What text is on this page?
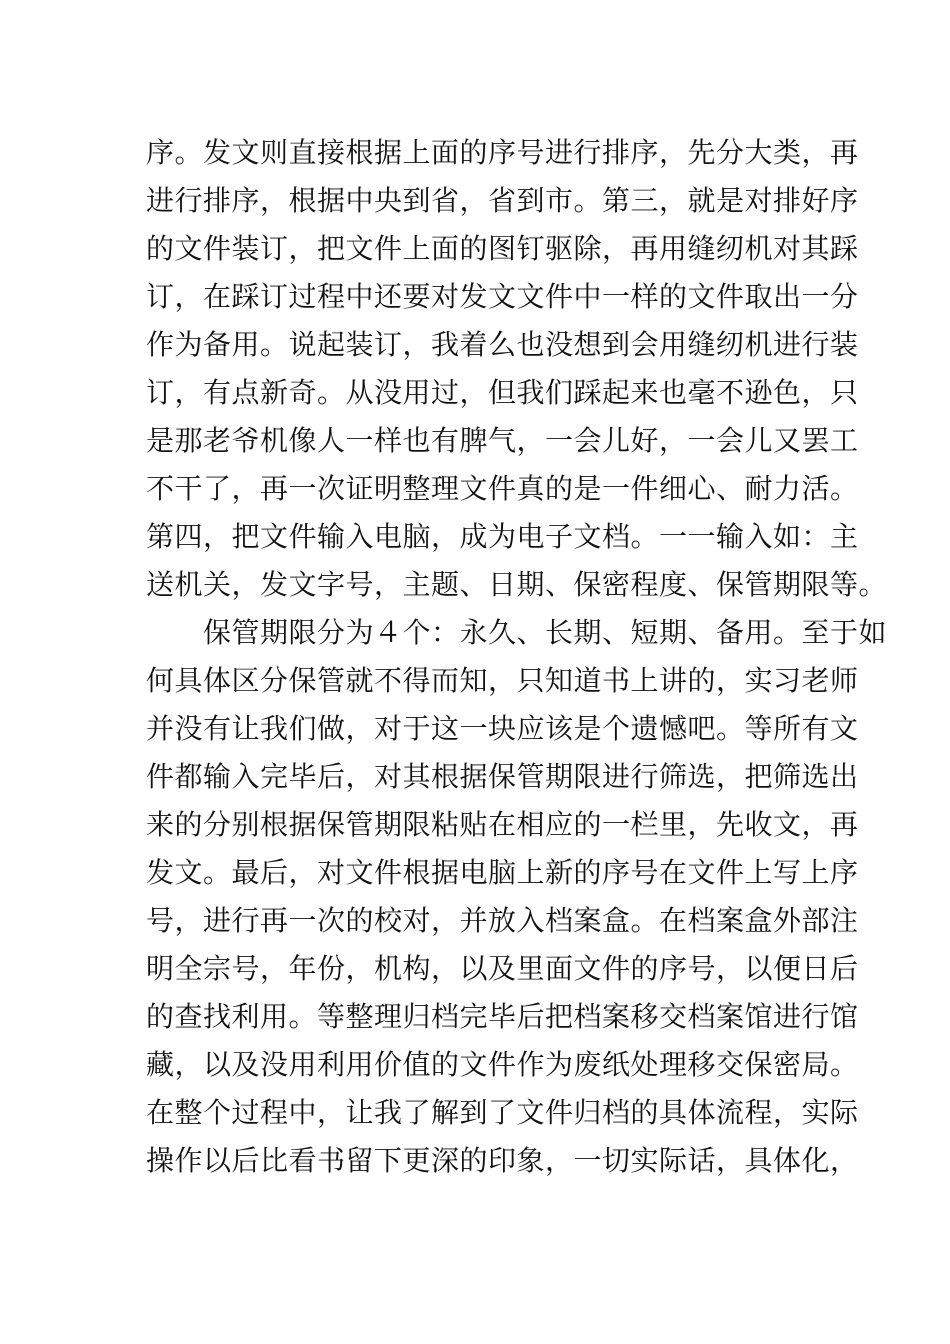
序。发文则直接根据上面的序号进行排序，先分大类，再
进行排序，根据中央到省，省到市。第三，就是对排好序
的文件装订，把文件上面的图钉驱除，再用缝纫机对其踩
订，在踩订过程中还要对发文文件中一样的文件取出一分
作为备用。说起装订，我着么也没想到会用缝纫机进行装
订，有点新奇。从没用过，但我们踩起来也毫不逊色，只
是那老爷机像人一样也有脾气，一会儿好，一会儿又罢工
不干了，再一次证明整理文件真的是一件细心、耐力活。
第四，把文件输入电脑，成为电子文档。一一输入如：主
送机关，发文字号，主题、日期、保密程度、保管期限等。
　　保管期限分为４个：永久、长期、短期、备用。至于如
何具体区分保管就不得而知，只知道书上讲的，实习老师
并没有让我们做，对于这一块应该是个遗憾吧。等所有文
件都输入完毕后，对其根据保管期限进行筛选，把筛选出
来的分别根据保管期限粘贴在相应的一栏里，先收文，再
发文。最后，对文件根据电脑上新的序号在文件上写上序
号，进行再一次的校对，并放入档案盒。在档案盒外部注
明全宗号，年份，机构，以及里面文件的序号，以便日后
的查找利用。等整理归档完毕后把档案移交档案馆进行馆
藏，以及没用利用价值的文件作为废纸处理移交保密局。
在整个过程中，让我了解到了文件归档的具体流程，实际
操作以后比看书留下更深的印象，一切实际话，具体化，
